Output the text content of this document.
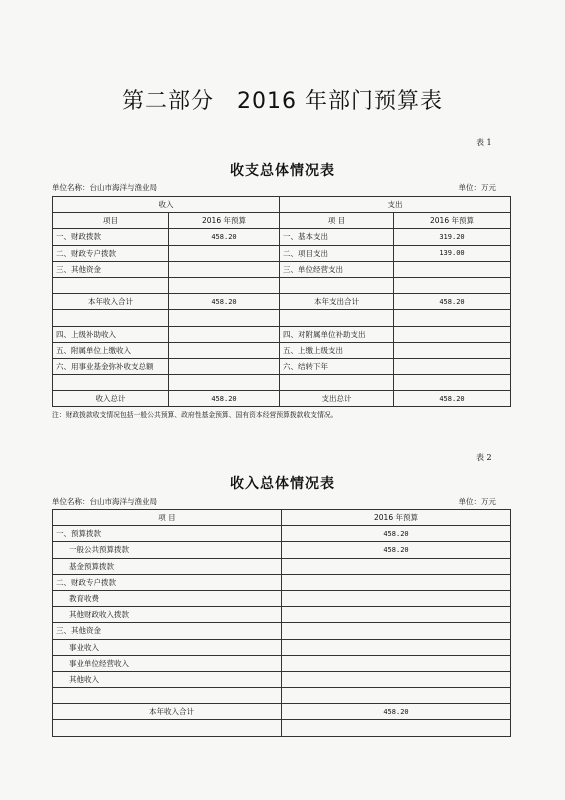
第二部分　2016 年部门预算表
表 1
收支总体情况表
单位名称：台山市海洋与渔业局	单位：万元
收入		支出	
项目	2016 年预算	项 目	2016 年预算
一、财政拨款	458.20	一、基本支出	319.20
二、财政专户拨款		二、项目支出	139.00
三、其他资金		三、单位经营支出	

本年收入合计	458.20	本年支出合计	458.20

四、上级补助收入		四、对附属单位补助支出	
五、附属单位上缴收入		五、上缴上级支出	
六、用事业基金弥补收支总额		六、结转下年	

收入总计	458.20	支出总计	458.20
注：财政拨款收支情况包括一般公共预算、政府性基金预算、国有资本经营预算拨款收支情况。
表 2
收入总体情况表
单位名称：台山市海洋与渔业局	单位：万元
项 目	2016 年预算
一、预算拨款	458.20
一般公共预算拨款	458.20
基金预算拨款	
二、财政专户拨款	
教育收费	
其他财政收入拨款	
三、其他资金	
事业收入	
事业单位经营收入	
其他收入	

本年收入合计	458.20
